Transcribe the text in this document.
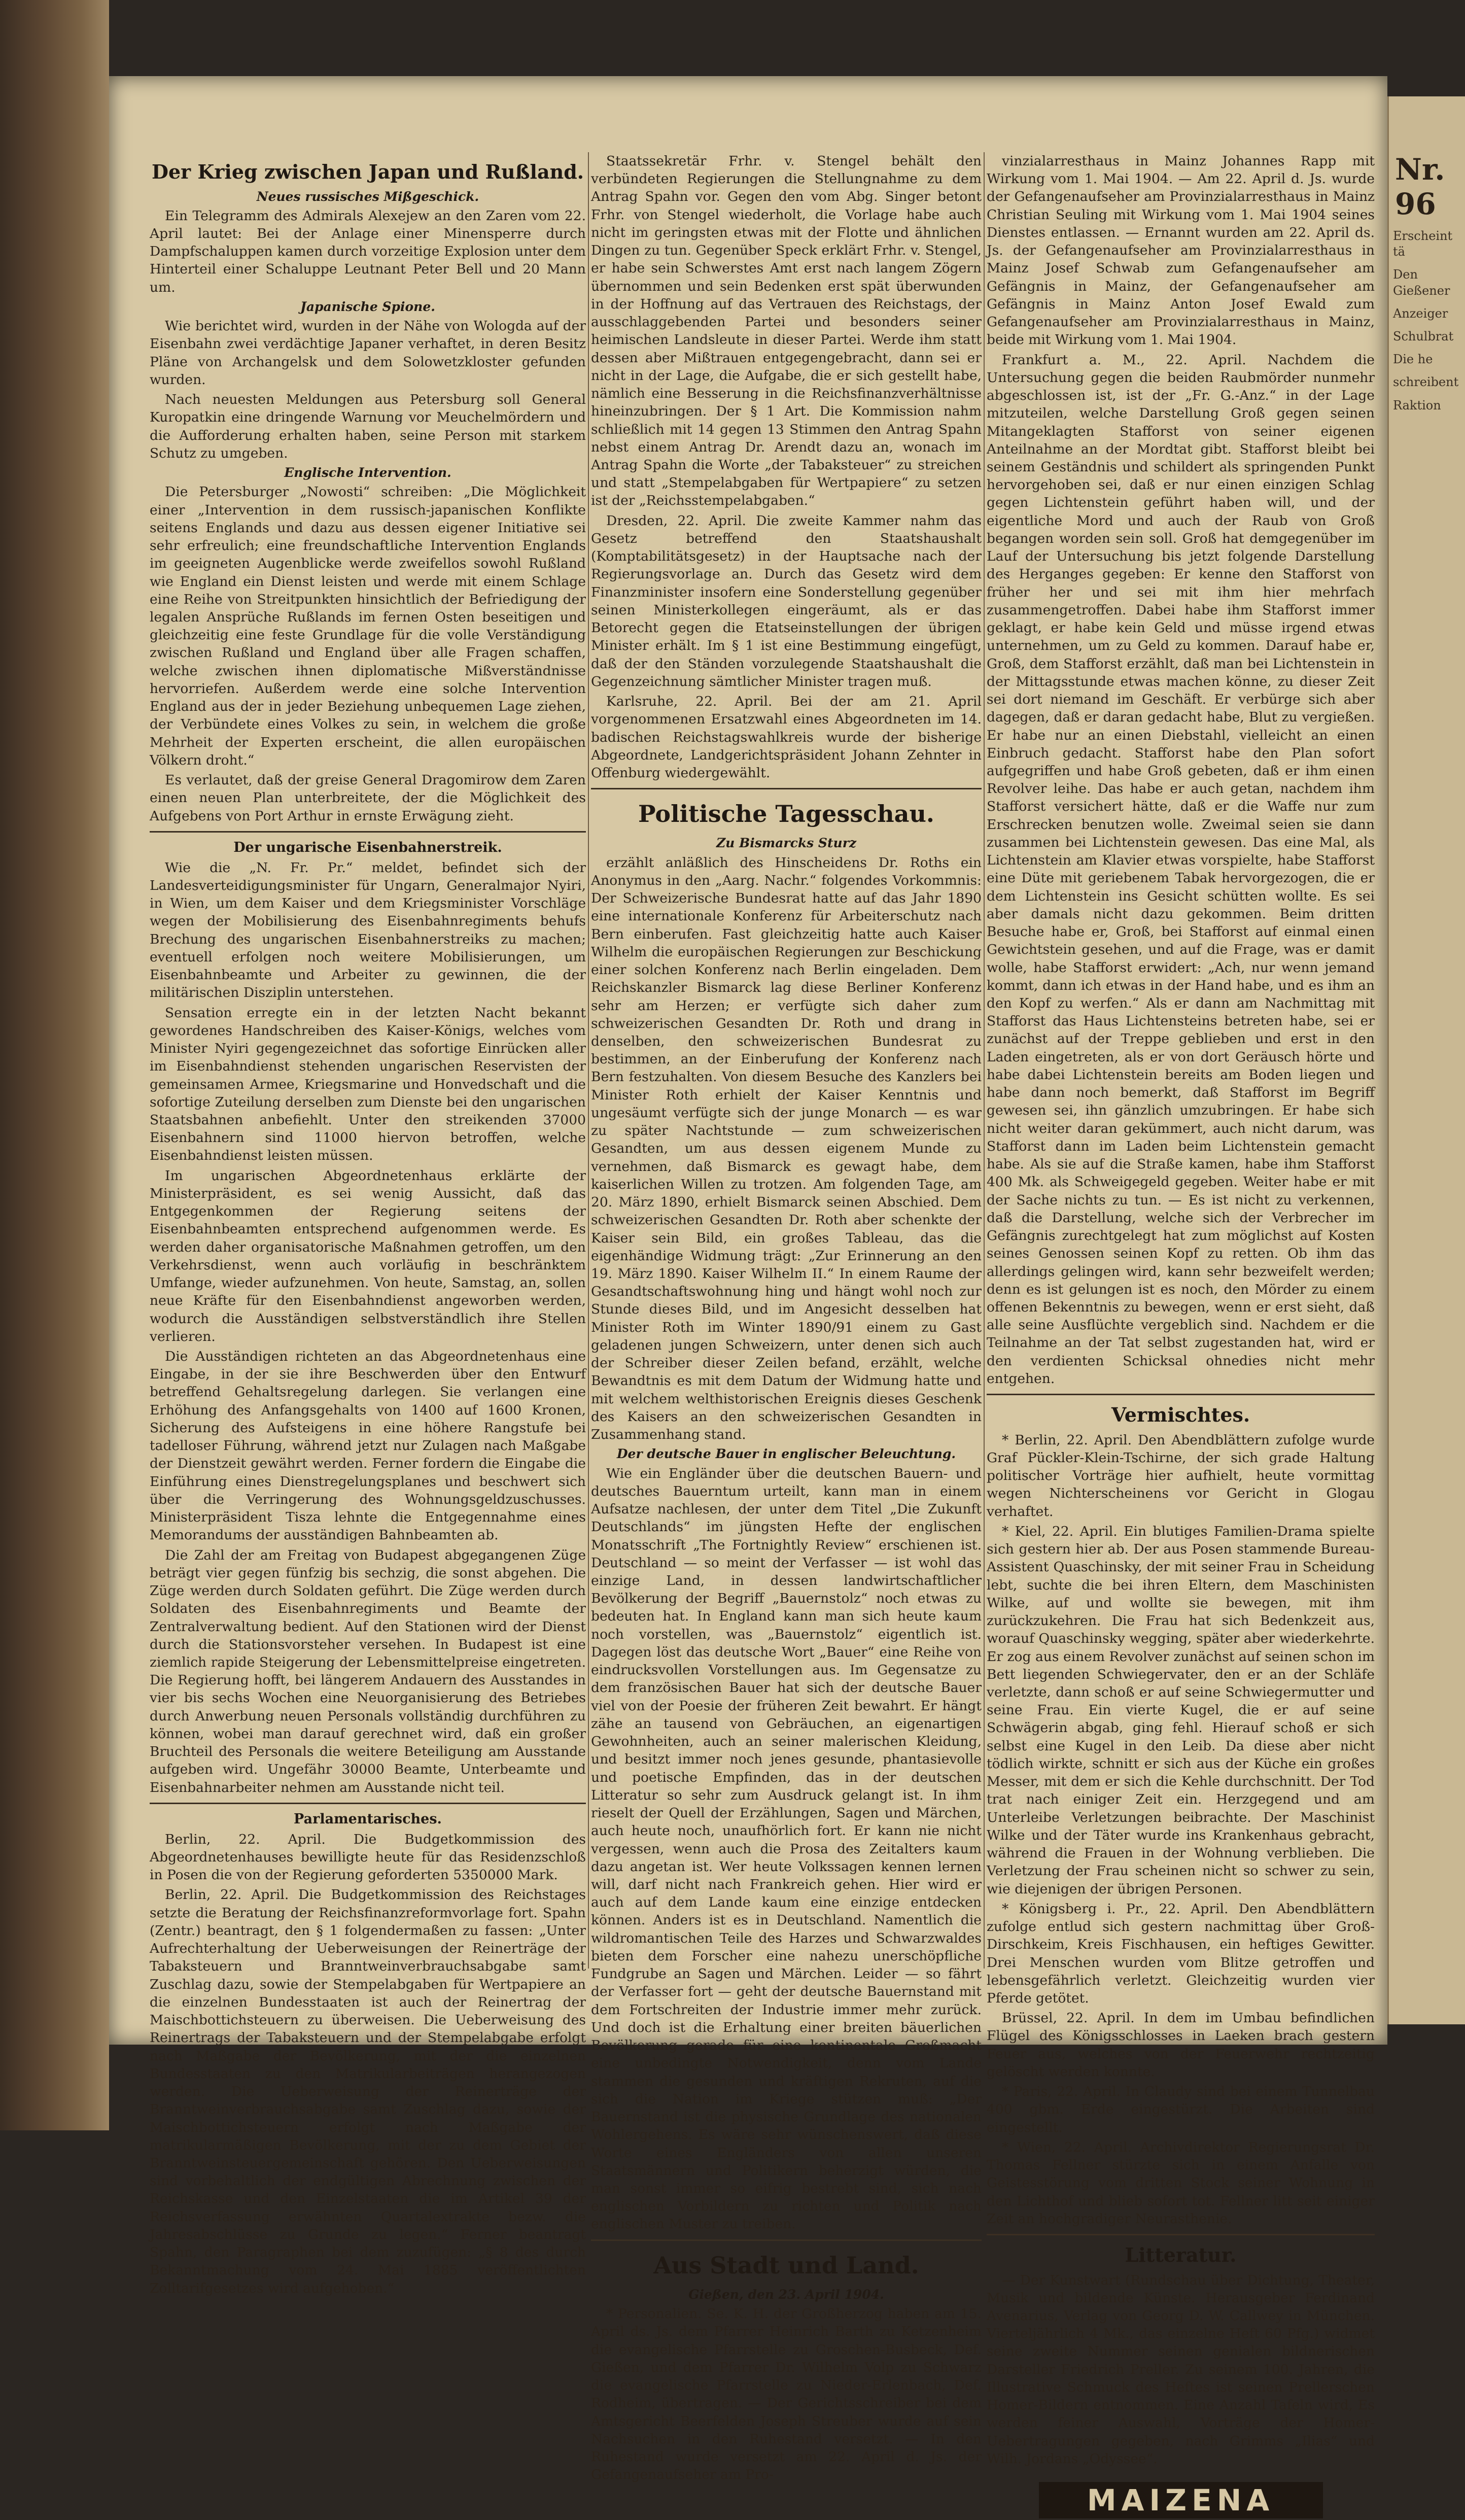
Nr. 96
Erscheint tä
Den Gießener
Anzeiger
Schulbrat
Die he
schreibent
Raktion
Der Krieg zwischen Japan und Rußland.
Neues russisches Mißgeschick.

Ein Telegramm des Admirals Alexejew an den Zaren vom 22. April lautet: Bei der Anlage einer Minensperre durch Dampfschaluppen kamen durch vorzeitige Explosion unter dem Hinterteil einer Schaluppe Leutnant Peter Bell und 20 Mann um.

Japanische Spione.

Wie berichtet wird, wurden in der Nähe von Wologda auf der Eisenbahn zwei verdächtige Japaner verhaftet, in deren Besitz Pläne von Archangelsk und dem Solowetzkloster gefunden wurden.

Nach neuesten Meldungen aus Petersburg soll General Kuropatkin eine dringende Warnung vor Meuchelmördern und die Aufforderung erhalten haben, seine Person mit starkem Schutz zu umgeben.

Englische Intervention.

Die Petersburger „Nowosti“ schreiben: „Die Möglichkeit einer „Intervention in dem russisch-japanischen Konflikte seitens Englands und dazu aus dessen eigener Initiative sei sehr erfreulich; eine freundschaftliche Intervention Englands im geeigneten Augenblicke werde zweifellos sowohl Rußland wie England ein Dienst leisten und werde mit einem Schlage eine Reihe von Streitpunkten hinsichtlich der Befriedigung der legalen Ansprüche Rußlands im fernen Osten beseitigen und gleichzeitig eine feste Grundlage für die volle Verständigung zwischen Rußland und England über alle Fragen schaffen, welche zwischen ihnen diplomatische Mißverständnisse hervorriefen. Außerdem werde eine solche Intervention England aus der in jeder Beziehung unbequemen Lage ziehen, der Verbündete eines Volkes zu sein, in welchem die große Mehrheit der Experten erscheint, die allen europäischen Völkern droht.“

Es verlautet, daß der greise General Dragomirow dem Zaren einen neuen Plan unterbreitete, der die Möglichkeit des Aufgebens von Port Arthur in ernste Erwägung zieht.

Der ungarische Eisenbahnerstreik.

Wie die „N. Fr. Pr.“ meldet, befindet sich der Landesverteidigungsminister für Ungarn, Generalmajor Nyiri, in Wien, um dem Kaiser und dem Kriegsminister Vorschläge wegen der Mobilisierung des Eisenbahnregiments behufs Brechung des ungarischen Eisenbahnerstreiks zu machen; eventuell erfolgen noch weitere Mobilisierungen, um Eisenbahnbeamte und Arbeiter zu gewinnen, die der militärischen Disziplin unterstehen.

Sensation erregte ein in der letzten Nacht bekannt gewordenes Handschreiben des Kaiser-Königs, welches vom Minister Nyiri gegengezeichnet das sofortige Einrücken aller im Eisenbahndienst stehenden ungarischen Reservisten der gemeinsamen Armee, Kriegsmarine und Honvedschaft und die sofortige Zuteilung derselben zum Dienste bei den ungarischen Staatsbahnen anbefiehlt. Unter den streikenden 37000 Eisenbahnern sind 11000 hiervon betroffen, welche Eisenbahndienst leisten müssen.

Im ungarischen Abgeordnetenhaus erklärte der Ministerpräsident, es sei wenig Aussicht, daß das Entgegenkommen der Regierung seitens der Eisenbahnbeamten entsprechend aufgenommen werde. Es werden daher organisatorische Maßnahmen getroffen, um den Verkehrsdienst, wenn auch vorläufig in beschränktem Umfange, wieder aufzunehmen. Von heute, Samstag, an, sollen neue Kräfte für den Eisenbahndienst angeworben werden, wodurch die Ausständigen selbstverständlich ihre Stellen verlieren.

Die Ausständigen richteten an das Abgeordnetenhaus eine Eingabe, in der sie ihre Beschwerden über den Entwurf betreffend Gehaltsregelung darlegen. Sie verlangen eine Erhöhung des Anfangsgehalts von 1400 auf 1600 Kronen, Sicherung des Aufsteigens in eine höhere Rangstufe bei tadelloser Führung, während jetzt nur Zulagen nach Maßgabe der Dienstzeit gewährt werden. Ferner fordern die Eingabe die Einführung eines Dienstregelungsplanes und beschwert sich über die Verringerung des Wohnungsgeldzuschusses. Ministerpräsident Tisza lehnte die Entgegennahme eines Memorandums der ausständigen Bahnbeamten ab.

Die Zahl der am Freitag von Budapest abgegangenen Züge beträgt vier gegen fünfzig bis sechzig, die sonst abgehen. Die Züge werden durch Soldaten geführt. Die Züge werden durch Soldaten des Eisenbahnregiments und Beamte der Zentralverwaltung bedient. Auf den Stationen wird der Dienst durch die Stationsvorsteher versehen. In Budapest ist eine ziemlich rapide Steigerung der Lebensmittelpreise eingetreten. Die Regierung hofft, bei längerem Andauern des Ausstandes in vier bis sechs Wochen eine Neuorganisierung des Betriebes durch Anwerbung neuen Personals vollständig durchführen zu können, wobei man darauf gerechnet wird, daß ein großer Bruchteil des Personals die weitere Beteiligung am Ausstande aufgeben wird. Ungefähr 30000 Beamte, Unterbeamte und Eisenbahnarbeiter nehmen am Ausstande nicht teil.

Parlamentarisches.

Berlin, 22. April. Die Budgetkommission des Abgeordnetenhauses bewilligte heute für das Residenzschloß in Posen die von der Regierung geforderten 5350000 Mark.

Berlin, 22. April. Die Budgetkommission des Reichstages setzte die Beratung der Reichsfinanzreformvorlage fort. Spahn (Zentr.) beantragt, den § 1 folgendermaßen zu fassen: „Unter Aufrechterhaltung der Ueberweisungen der Reinerträge der Tabaksteuern und Branntweinverbrauchsabgabe samt Zuschlag dazu, sowie der Stempelabgaben für Wertpapiere an die einzelnen Bundesstaaten ist auch der Reinertrag der Maischbottichsteuern zu überweisen. Die Ueberweisung des Reinertrags der Tabaksteuern und der Stempelabgabe erfolgt nach Maßgabe der Bevölkerung, mit der die einzelnen Bundesstaaten zu den Matrikularbeiträgen herangezogen werden. Die Ueberweisung der Reinerträge der Branntweinverbrauchsabgabe samt Zuschlag dazu, sowie der Maischbottichsteuern erfolgt nach Maßgabe der matrikularmäßigen Bevölkerung, mit der zu dem Gebiet der Branntweinsteuergemeinschaft gehören. Den Ueberweisungen sind vorbehaltlich der endgültigen Abrechnung zwischen der Reichskasse und den Einzelstaaten die im Artikel 39 der Reichsverfassung erwähnten Quartalextrakte bezw. die Jahresabschlüsse zu Grunde zu legen.“ Ferner beantragt Spahn, den Paragraphen bei dem zuzufügen: „§ 8 des durch Bekanntmachung vom 24. Mai 1885 veröffentlichten Zolltarifgesetzes wird aufgehoben.“

Staatssekretär Frhr. v. Stengel behält den verbündeten Regierungen die Stellungnahme zu dem Antrag Spahn vor. Gegen den vom Abg. Singer betont Frhr. von Stengel wiederholt, die Vorlage habe auch nicht im geringsten etwas mit der Flotte und ähnlichen Dingen zu tun. Gegenüber Speck erklärt Frhr. v. Stengel, er habe sein Schwerstes Amt erst nach langem Zögern übernommen und sein Bedenken erst spät überwunden in der Hoffnung auf das Vertrauen des Reichstags, der ausschlaggebenden Partei und besonders seiner heimischen Landsleute in dieser Partei. Werde ihm statt dessen aber Mißtrauen entgegengebracht, dann sei er nicht in der Lage, die Aufgabe, die er sich gestellt habe, nämlich eine Besserung in die Reichsfinanzverhältnisse hineinzubringen. Der § 1 Art. Die Kommission nahm schließlich mit 14 gegen 13 Stimmen den Antrag Spahn nebst einem Antrag Dr. Arendt dazu an, wonach im Antrag Spahn die Worte „der Tabaksteuer“ zu streichen und statt „Stempelabgaben für Wertpapiere“ zu setzen ist der „Reichsstempelabgaben.“

Dresden, 22. April. Die zweite Kammer nahm das Gesetz betreffend den Staatshaushalt (Komptabilitätsgesetz) in der Hauptsache nach der Regierungsvorlage an. Durch das Gesetz wird dem Finanzminister insofern eine Sonderstellung gegenüber seinen Ministerkollegen eingeräumt, als er das Betorecht gegen die Etatseinstellungen der übrigen Minister erhält. Im § 1 ist eine Bestimmung eingefügt, daß der den Ständen vorzulegende Staatshaushalt die Gegenzeichnung sämtlicher Minister tragen muß.

Karlsruhe, 22. April. Bei der am 21. April vorgenommenen Ersatzwahl eines Abgeordneten im 14. badischen Reichstagswahlkreis wurde der bisherige Abgeordnete, Landgerichtspräsident Johann Zehnter in Offenburg wiedergewählt.

Politische Tagesschau.
Zu Bismarcks Sturz

erzählt anläßlich des Hinscheidens Dr. Roths ein Anonymus in den „Aarg. Nachr.“ folgendes Vorkommnis: Der Schweizerische Bundesrat hatte auf das Jahr 1890 eine internationale Konferenz für Arbeiterschutz nach Bern einberufen. Fast gleichzeitig hatte auch Kaiser Wilhelm die europäischen Regierungen zur Beschickung einer solchen Konferenz nach Berlin eingeladen. Dem Reichskanzler Bismarck lag diese Berliner Konferenz sehr am Herzen; er verfügte sich daher zum schweizerischen Gesandten Dr. Roth und drang in denselben, den schweizerischen Bundesrat zu bestimmen, an der Einberufung der Konferenz nach Bern festzuhalten. Von diesem Besuche des Kanzlers bei Minister Roth erhielt der Kaiser Kenntnis und ungesäumt verfügte sich der junge Monarch — es war zu später Nachtstunde — zum schweizerischen Gesandten, um aus dessen eigenem Munde zu vernehmen, daß Bismarck es gewagt habe, dem kaiserlichen Willen zu trotzen. Am folgenden Tage, am 20. März 1890, erhielt Bismarck seinen Abschied. Dem schweizerischen Gesandten Dr. Roth aber schenkte der Kaiser sein Bild, ein großes Tableau, das die eigenhändige Widmung trägt: „Zur Erinnerung an den 19. März 1890. Kaiser Wilhelm II.“ In einem Raume der Gesandtschaftswohnung hing und hängt wohl noch zur Stunde dieses Bild, und im Angesicht desselben hat Minister Roth im Winter 1890/91 einem zu Gast geladenen jungen Schweizern, unter denen sich auch der Schreiber dieser Zeilen befand, erzählt, welche Bewandtnis es mit dem Datum der Widmung hatte und mit welchem welthistorischen Ereignis dieses Geschenk des Kaisers an den schweizerischen Gesandten in Zusammenhang stand.

Der deutsche Bauer in englischer Beleuchtung.

Wie ein Engländer über die deutschen Bauern- und deutsches Bauerntum urteilt, kann man in einem Aufsatze nachlesen, der unter dem Titel „Die Zukunft Deutschlands“ im jüngsten Hefte der englischen Monatsschrift „The Fortnightly Review“ erschienen ist. Deutschland — so meint der Verfasser — ist wohl das einzige Land, in dessen landwirtschaftlicher Bevölkerung der Begriff „Bauernstolz“ noch etwas zu bedeuten hat. In England kann man sich heute kaum noch vorstellen, was „Bauernstolz“ eigentlich ist. Dagegen löst das deutsche Wort „Bauer“ eine Reihe von eindrucksvollen Vorstellungen aus. Im Gegensatze zu dem französischen Bauer hat sich der deutsche Bauer viel von der Poesie der früheren Zeit bewahrt. Er hängt zähe an tausend von Gebräuchen, an eigenartigen Gewohnheiten, auch an seiner malerischen Kleidung, und besitzt immer noch jenes gesunde, phantasievolle und poetische Empfinden, das in der deutschen Litteratur so sehr zum Ausdruck gelangt ist. In ihm rieselt der Quell der Erzählungen, Sagen und Märchen, auch heute noch, unaufhörlich fort. Er kann nie nicht vergessen, wenn auch die Prosa des Zeitalters kaum dazu angetan ist. Wer heute Volkssagen kennen lernen will, darf nicht nach Frankreich gehen. Hier wird er auch auf dem Lande kaum eine einzige entdecken können. Anders ist es in Deutschland. Namentlich die wildromantischen Teile des Harzes und Schwarzwaldes bieten dem Forscher eine nahezu unerschöpfliche Fundgrube an Sagen und Märchen. Leider — so fährt der Verfasser fort — geht der deutsche Bauernstand mit dem Fortschreiten der Industrie immer mehr zurück. Und doch ist die Erhaltung einer breiten bäuerlichen Bevölkerung gerade für eine kontinentale Großmacht eine unbedingte Notwendigkeit, denn vom Lande stammen die gesunden und kräftigen Rekruten, auf die sich die Nation im Kriege stützen muß: „Der Bauernstand ist die physische Grundlage des nationalen Wohlergehens. Es wäre sehr wünschenswert, daß diese Worte eines Engländers von allen unseren Staatsmännern und Politikern beherzigt würden, die man sonst immer so eifrig bestrebt sind, sich nach englischen Vorbildern zu richten und Politik nach englischen Muster zu treiben.

Aus Stadt und Land.
Gießen, den 23. April 1904.

* Personalien. Se. K. H. der Großherzog haben am 15. April ds. Js. dem Pfarrer Heinrich Barth zu Ketzenheim die evangelische Pfarrstelle zu Groschen-Busbeck, Def. Gießen, und dem Pfarrer Dr. Wilhelm Volp zu Schwarz die evangelische Pfarrstelle zu Nieder-Erlenbach, Def. Rodheim, übertragen. — Der Gerichtsschreiber bei dem Amtsgericht Beerfelden Joseph Streuber wurde auf sein Nachsuchen in den Ruhestand versetzt. — In den Ruhestand wurde versetzt am 22. April d. Js. der Gefangenaufseher am Pro-

vinzialarresthaus in Mainz Johannes Rapp mit Wirkung vom 1. Mai 1904. — Am 22. April d. Js. wurde der Gefangenaufseher am Provinzialarresthaus in Mainz Christian Seuling mit Wirkung vom 1. Mai 1904 seines Dienstes entlassen. — Ernannt wurden am 22. April ds. Js. der Gefangenaufseher am Provinzialarresthaus in Mainz Josef Schwab zum Gefangenaufseher am Gefängnis in Mainz, der Gefangenaufseher am Gefängnis in Mainz Anton Josef Ewald zum Gefangenaufseher am Provinzialarresthaus in Mainz, beide mit Wirkung vom 1. Mai 1904.

Frankfurt a. M., 22. April. Nachdem die Untersuchung gegen die beiden Raubmörder nunmehr abgeschlossen ist, ist der „Fr. G.-Anz.“ in der Lage mitzuteilen, welche Darstellung Groß gegen seinen Mitangeklagten Stafforst von seiner eigenen Anteilnahme an der Mordtat gibt. Stafforst bleibt bei seinem Geständnis und schildert als springenden Punkt hervorgehoben sei, daß er nur einen einzigen Schlag gegen Lichtenstein geführt haben will, und der eigentliche Mord und auch der Raub von Groß begangen worden sein soll. Groß hat demgegenüber im Lauf der Untersuchung bis jetzt folgende Darstellung des Herganges gegeben: Er kenne den Stafforst von früher her und sei mit ihm hier mehrfach zusammengetroffen. Dabei habe ihm Stafforst immer geklagt, er habe kein Geld und müsse irgend etwas unternehmen, um zu Geld zu kommen. Darauf habe er, Groß, dem Stafforst erzählt, daß man bei Lichtenstein in der Mittagsstunde etwas machen könne, zu dieser Zeit sei dort niemand im Geschäft. Er verbürge sich aber dagegen, daß er daran gedacht habe, Blut zu vergießen. Er habe nur an einen Diebstahl, vielleicht an einen Einbruch gedacht. Stafforst habe den Plan sofort aufgegriffen und habe Groß gebeten, daß er ihm einen Revolver leihe. Das habe er auch getan, nachdem ihm Stafforst versichert hätte, daß er die Waffe nur zum Erschrecken benutzen wolle. Zweimal seien sie dann zusammen bei Lichtenstein gewesen. Das eine Mal, als Lichtenstein am Klavier etwas vorspielte, habe Stafforst eine Düte mit geriebenem Tabak hervorgezogen, die er dem Lichtenstein ins Gesicht schütten wollte. Es sei aber damals nicht dazu gekommen. Beim dritten Besuche habe er, Groß, bei Stafforst auf einmal einen Gewichtstein gesehen, und auf die Frage, was er damit wolle, habe Stafforst erwidert: „Ach, nur wenn jemand kommt, dann ich etwas in der Hand habe, und es ihm an den Kopf zu werfen.“ Als er dann am Nachmittag mit Stafforst das Haus Lichtensteins betreten habe, sei er zunächst auf der Treppe geblieben und erst in den Laden eingetreten, als er von dort Geräusch hörte und habe dabei Lichtenstein bereits am Boden liegen und habe dann noch bemerkt, daß Stafforst im Begriff gewesen sei, ihn gänzlich umzubringen. Er habe sich nicht weiter daran gekümmert, auch nicht darum, was Stafforst dann im Laden beim Lichtenstein gemacht habe. Als sie auf die Straße kamen, habe ihm Stafforst 400 Mk. als Schweigegeld gegeben. Weiter habe er mit der Sache nichts zu tun. — Es ist nicht zu verkennen, daß die Darstellung, welche sich der Verbrecher im Gefängnis zurechtgelegt hat zum möglichst auf Kosten seines Genossen seinen Kopf zu retten. Ob ihm das allerdings gelingen wird, kann sehr bezweifelt werden; denn es ist gelungen ist es noch, den Mörder zu einem offenen Bekenntnis zu bewegen, wenn er erst sieht, daß alle seine Ausflüchte vergeblich sind. Nachdem er die Teilnahme an der Tat selbst zugestanden hat, wird er den verdienten Schicksal ohnedies nicht mehr entgehen.

Vermischtes.

* Berlin, 22. April. Den Abendblättern zufolge wurde Graf Pückler-Klein-Tschirne, der sich grade Haltung politischer Vorträge hier aufhielt, heute vormittag wegen Nichterscheinens vor Gericht in Glogau verhaftet.

* Kiel, 22. April. Ein blutiges Familien-Drama spielte sich gestern hier ab. Der aus Posen stammende Bureau-Assistent Quaschinsky, der mit seiner Frau in Scheidung lebt, suchte die bei ihren Eltern, dem Maschinisten Wilke, auf und wollte sie bewegen, mit ihm zurückzukehren. Die Frau hat sich Bedenkzeit aus, worauf Quaschinsky wegging, später aber wiederkehrte. Er zog aus einem Revolver zunächst auf seinen schon im Bett liegenden Schwiegervater, den er an der Schläfe verletzte, dann schoß er auf seine Schwiegermutter und seine Frau. Ein vierte Kugel, die er auf seine Schwägerin abgab, ging fehl. Hierauf schoß er sich selbst eine Kugel in den Leib. Da diese aber nicht tödlich wirkte, schnitt er sich aus der Küche ein großes Messer, mit dem er sich die Kehle durchschnitt. Der Tod trat nach einiger Zeit ein. Herzgegend und am Unterleibe Verletzungen beibrachte. Der Maschinist Wilke und der Täter wurde ins Krankenhaus gebracht, während die Frauen in der Wohnung verblieben. Die Verletzung der Frau scheinen nicht so schwer zu sein, wie diejenigen der übrigen Personen.

* Königsberg i. Pr., 22. April. Den Abendblättern zufolge entlud sich gestern nachmittag über Groß-Dirschkeim, Kreis Fischhausen, ein heftiges Gewitter. Drei Menschen wurden vom Blitze getroffen und lebensgefährlich verletzt. Gleichzeitig wurden vier Pferde getötet.

Brüssel, 22. April. In dem im Umbau befindlichen Flügel des Königsschlosses in Laeken brach gestern Feuer aus, welches von der Feuerwehr rechtzeitig gelöscht werden konnte.

* Paris, 22. April. In Claudy sind bei einem Tunnelbau 400 gbm. Erde eingestürzt. Die Arbeiten sind eingestellt.

* Wien, 22. April. Archivdirektor Regierungsrat Dr. Thomas Fellner stürzte sich in einem Anfalle von Geistesstörung vom dritten Stock seiner Wohnung in den Lichthof und blieb sofort tot. Fellner litt seit einiger Zeit an hochgradiger Neurasthenie.

Litteratur.

— Der Kunstwart (Rundschau über Dichtung, Theater, Musik und bildende Künste. Herausgeber Ferdinand Avenarius, Verlag von Georg D. W. Callwey in München. Vierteljährlich 4 Mk., das einzelne Heft 60 Pfg.) widmet seine zweite Nummer seinen genialen bildnerischen Darsteller Friedrich Preller. Zu seinem 100. Jahren, die Illustrative Schmuck des Heftes ist seinen Prellerschen Homer-Bildern entnommen. Eine Anzahl Tafeln wird, Es werden feiner Auswahl, Vorträge der Homer-Uebertragungen gegeben, nach Grimms „Ilias“ und Wilh. Jordans „Odyssee“.

MAIZENA
